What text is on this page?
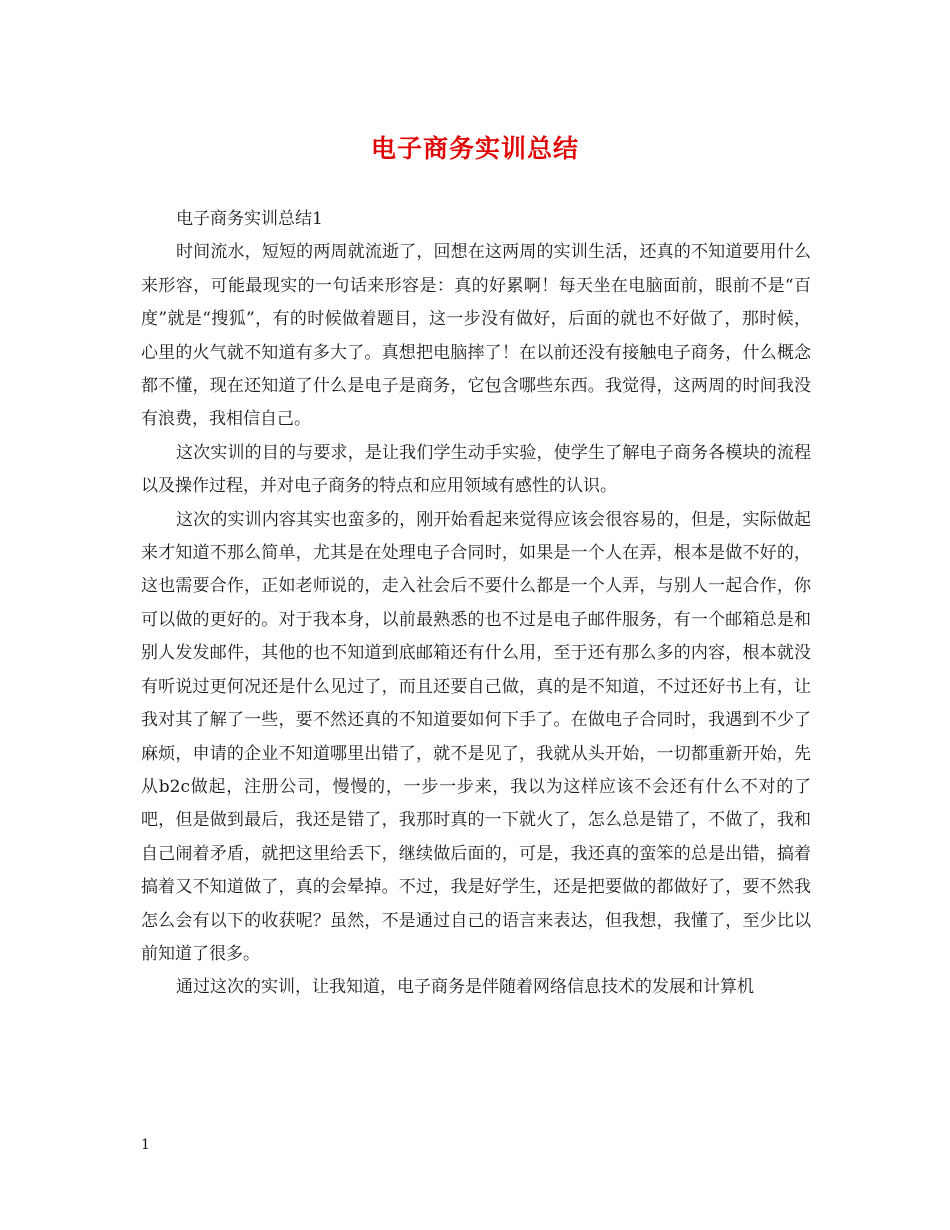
电子商务实训总结

电子商务实训总结1

时间流水，短短的两周就流逝了，回想在这两周的实训生活，还真的不知道要用什么来形容，可能最现实的一句话来形容是：真的好累啊！每天坐在电脑面前，眼前不是“百度”就是“搜狐”，有的时候做着题目，这一步没有做好，后面的就也不好做了，那时候，心里的火气就不知道有多大了。真想把电脑摔了！在以前还没有接触电子商务，什么概念都不懂，现在还知道了什么是电子是商务，它包含哪些东西。我觉得，这两周的时间我没有浪费，我相信自己。

这次实训的目的与要求，是让我们学生动手实验，使学生了解电子商务各模块的流程以及操作过程，并对电子商务的特点和应用领域有感性的认识。

这次的实训内容其实也蛮多的，刚开始看起来觉得应该会很容易的，但是，实际做起来才知道不那么简单，尤其是在处理电子合同时，如果是一个人在弄，根本是做不好的，这也需要合作，正如老师说的，走入社会后不要什么都是一个人弄，与别人一起合作，你可以做的更好的。对于我本身，以前最熟悉的也不过是电子邮件服务，有一个邮箱总是和别人发发邮件，其他的也不知道到底邮箱还有什么用，至于还有那么多的内容，根本就没有听说过更何况还是什么见过了，而且还要自己做，真的是不知道，不过还好书上有，让我对其了解了一些，要不然还真的不知道要如何下手了。在做电子合同时，我遇到不少了麻烦，申请的企业不知道哪里出错了，就不是见了，我就从头开始，一切都重新开始，先从b2c做起，注册公司，慢慢的，一步一步来，我以为这样应该不会还有什么不对的了吧，但是做到最后，我还是错了，我那时真的一下就火了，怎么总是错了，不做了，我和自己闹着矛盾，就把这里给丢下，继续做后面的，可是，我还真的蛮笨的总是出错，搞着搞着又不知道做了，真的会晕掉。不过，我是好学生，还是把要做的都做好了，要不然我怎么会有以下的收获呢？虽然，不是通过自己的语言来表达，但我想，我懂了，至少比以前知道了很多。

通过这次的实训，让我知道，电子商务是伴随着网络信息技术的发展和计算机

1
